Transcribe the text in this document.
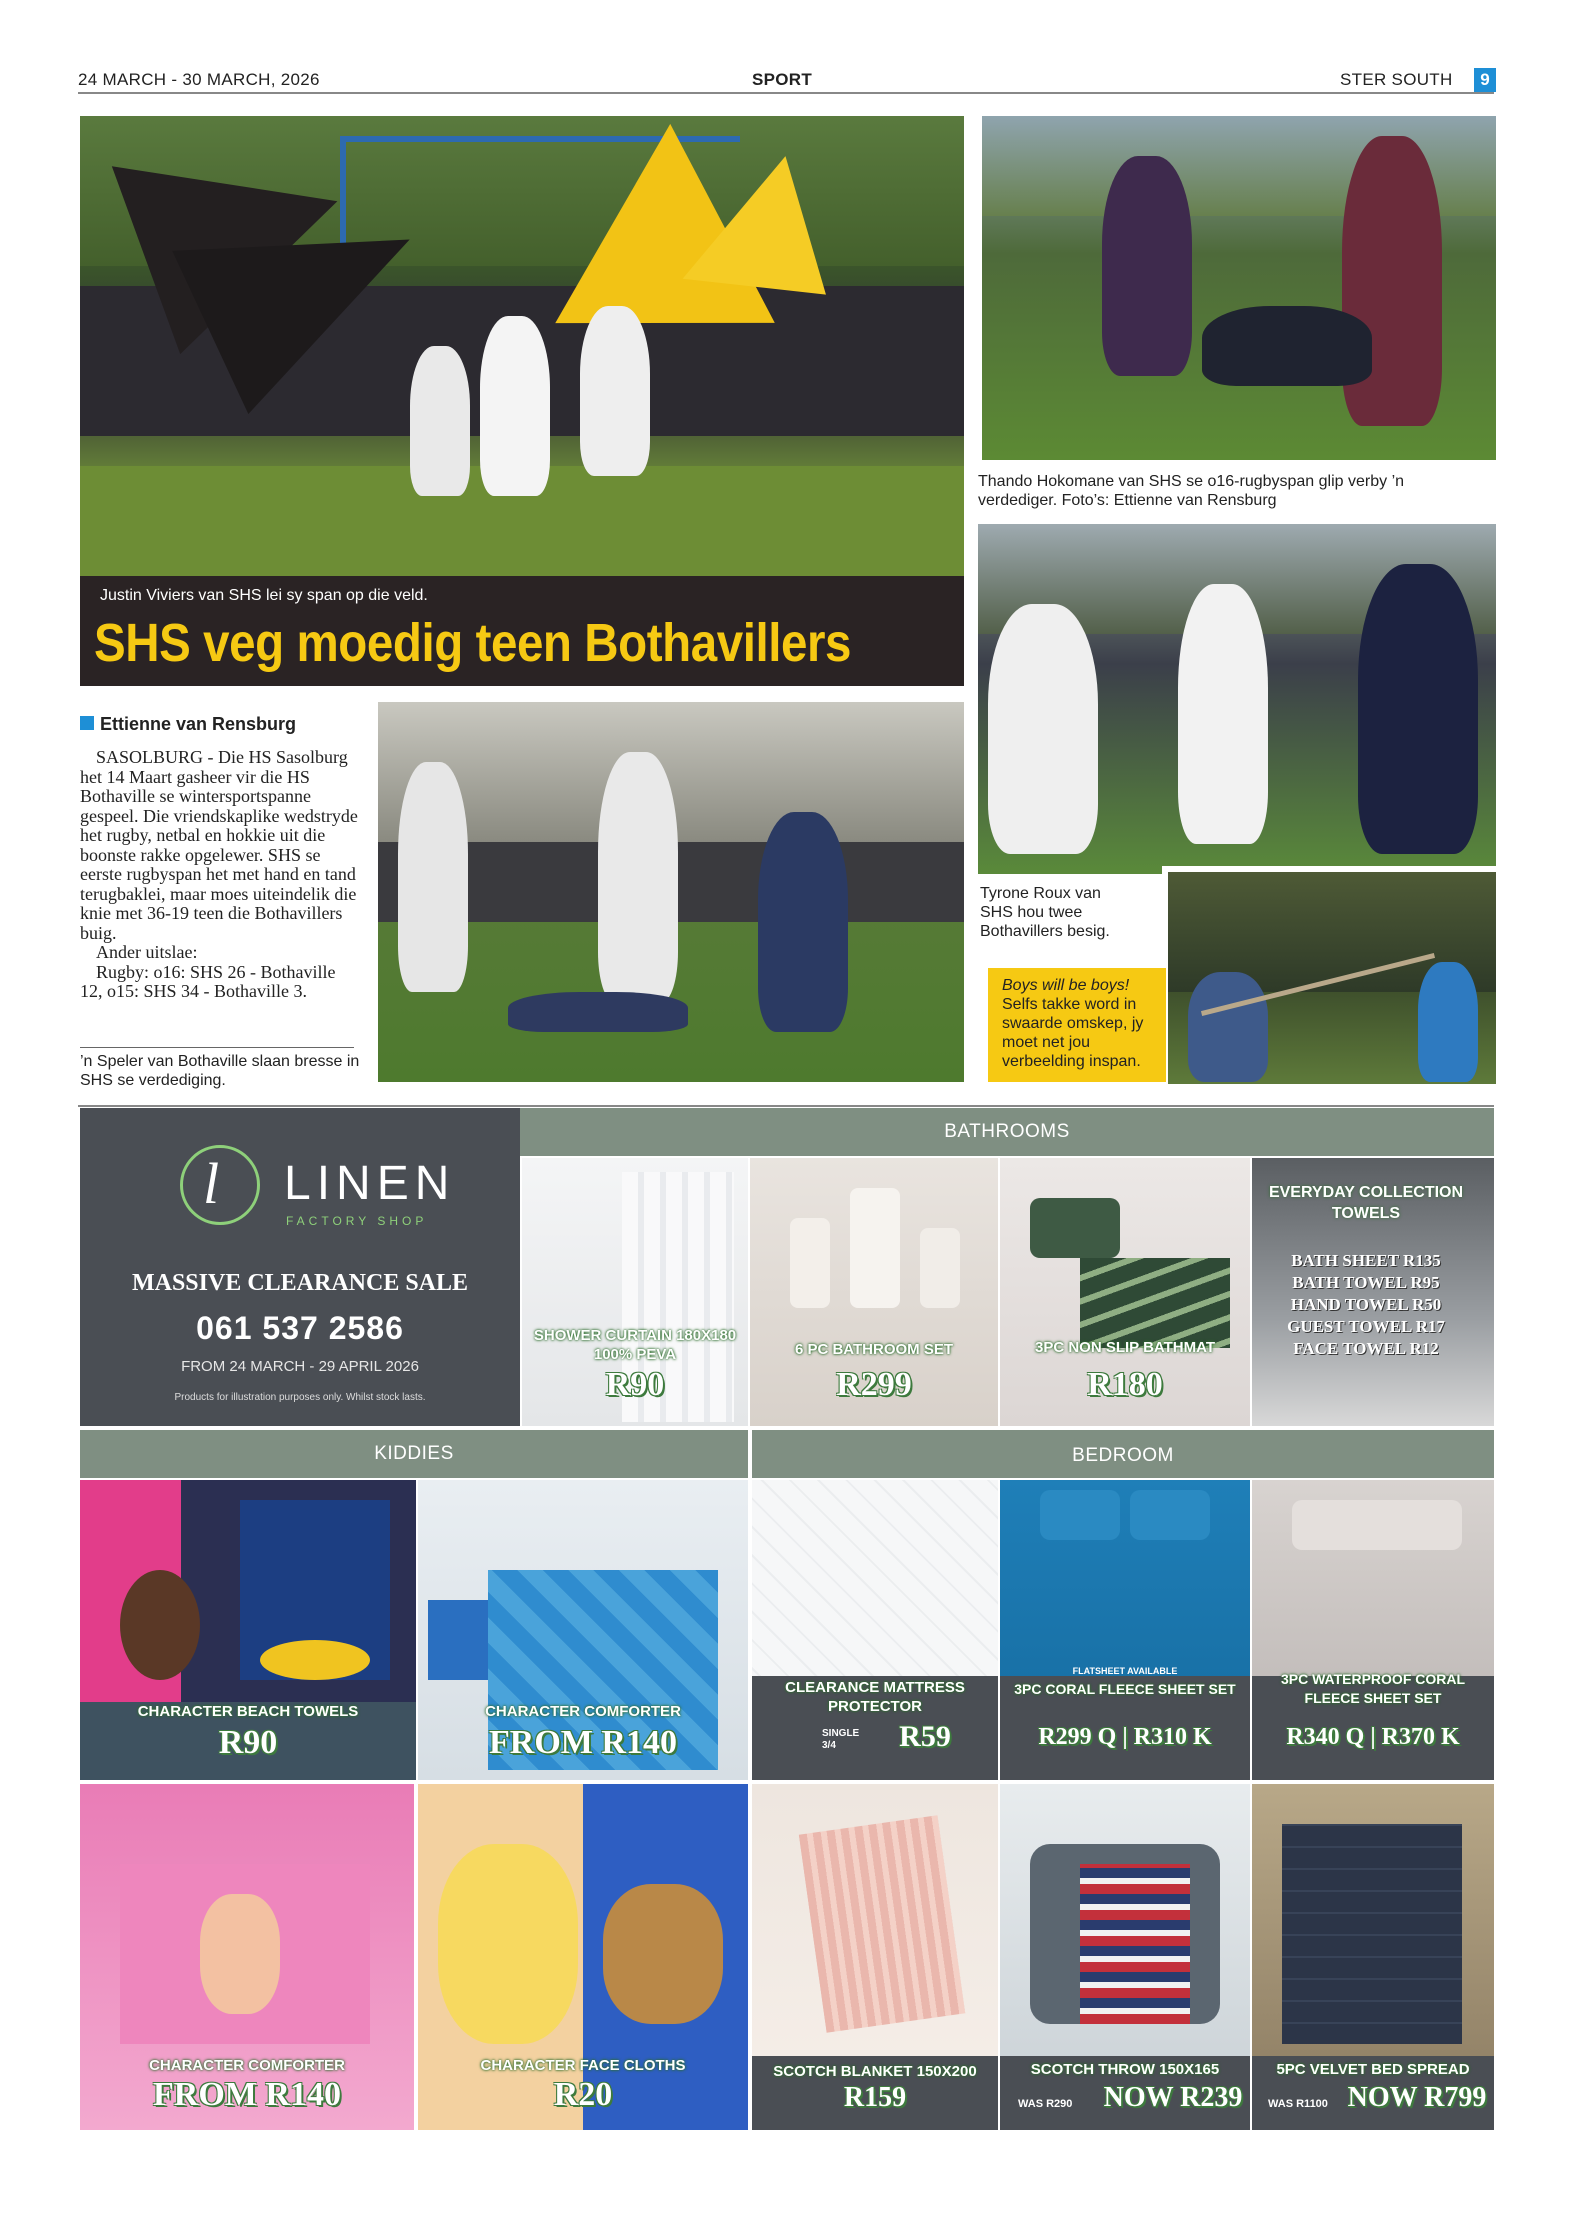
24 MARCH - 30 MARCH, 2026	SPORT	STER SOUTH	9
Justin Viviers van SHS lei sy span op die veld.
SHS veg moedig teen Bothavillers
Ettienne van Rensburg

SASOLBURG - Die HS Sasolburg het 14 Maart gasheer vir die HS Bothaville se wintersportspanne gespeel. Die vriendskaplike wedstryde het rugby, netbal en hokkie uit die boonste rakke opgelewer. SHS se eerste rugbyspan het met hand en tand terugbaklei, maar moes uiteindelik die knie met 36-19 teen die Bothavillers buig.

Ander uitslae:

Rugby: o16: SHS 26 - Bothaville 12, o15: SHS 34 - Bothaville 3.

’n Speler van Bothaville slaan bresse in SHS se verdediging.
Thando Hokomane van SHS se o16-rugbyspan glip verby ’n verdediger. Foto’s: Ettienne van Rensburg
Tyrone Roux van SHS hou twee Bothavillers besig.
Boys will be boys!
Selfs takke word in swaarde omskep, jy moet net jou verbeelding inspan.
l LINEN
FACTORY SHOP
MASSIVE CLEARANCE SALE
061 537 2586
FROM 24 MARCH - 29 APRIL 2026
Products for illustration purposes only. Whilst stock lasts.
BATHROOMS
SHOWER CURTAIN 180X180 100% PEVA
R90
6 PC BATHROOM SET
R299
3PC NON SLIP BATHMAT
R180
EVERYDAY COLLECTION TOWELS
BATH SHEET R135
BATH TOWEL R95
HAND TOWEL R50
GUEST TOWEL R17
FACE TOWEL R12
KIDDIES	BEDROOM
CHARACTER BEACH TOWELS
R90
CHARACTER COMFORTER
FROM R140
CHARACTER COMFORTER
FROM R140
CHARACTER FACE CLOTHS
R20
CLEARANCE MATTRESS PROTECTOR
SINGLE 3/4	R59
FLATSHEET AVAILABLE
3PC CORAL FLEECE SHEET SET
R299 Q | R310 K
3PC WATERPROOF CORAL FLEECE SHEET SET
R340 Q | R370 K
SCOTCH BLANKET 150X200
R159
SCOTCH THROW 150X165
WAS R290	NOW R239
5PC VELVET BED SPREAD
WAS R1100 NOW R799
